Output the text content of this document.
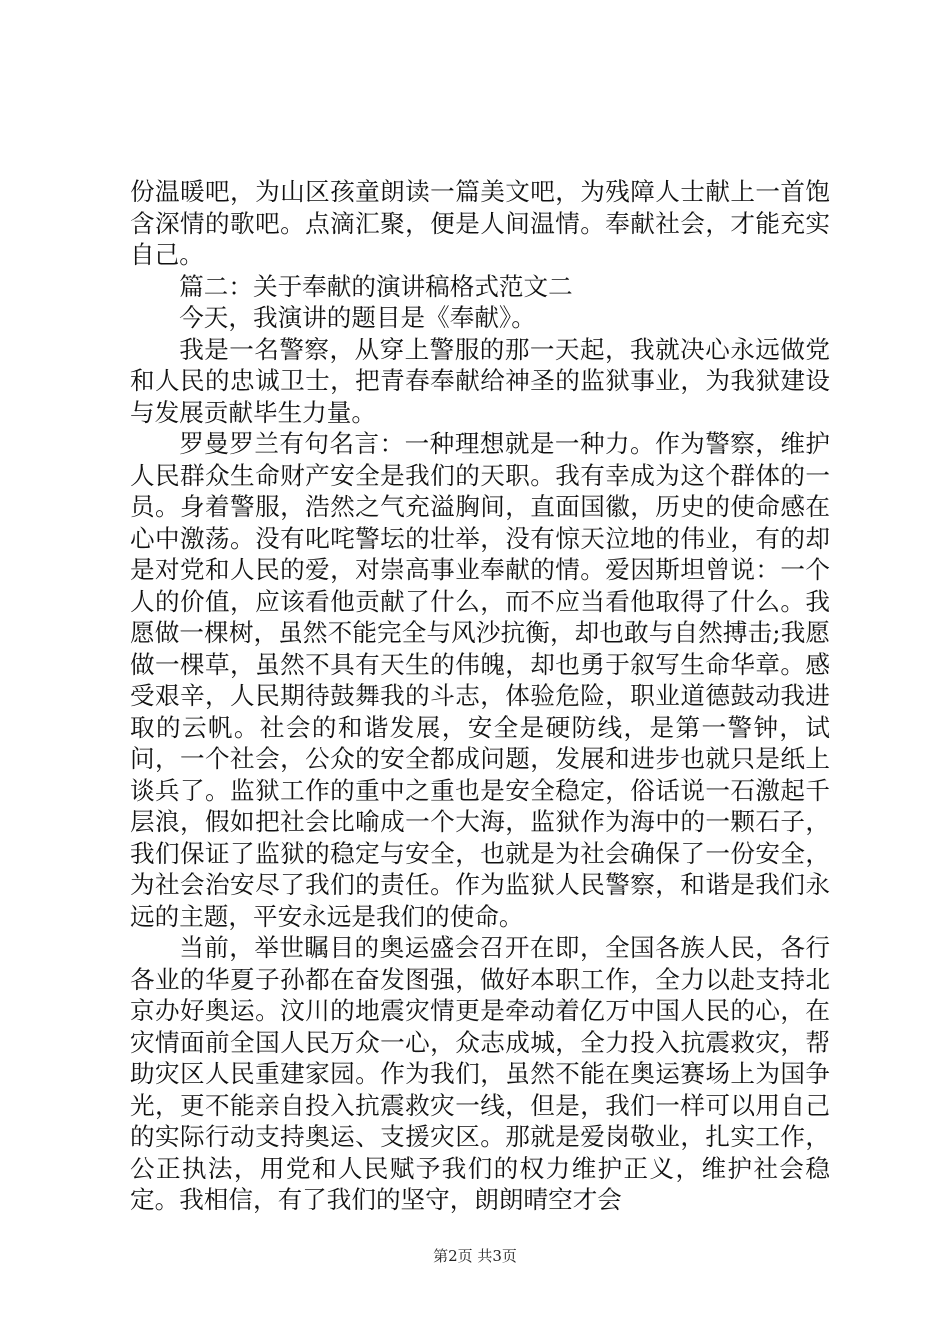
份温暖吧，为山区孩童朗读一篇美文吧，为残障人士献上一首饱含深情的歌吧。点滴汇聚，便是人间温情。奉献社会，才能充实自己。

篇二：关于奉献的演讲稿格式范文二

今天，我演讲的题目是《奉献》。

我是一名警察，从穿上警服的那一天起，我就决心永远做党和人民的忠诚卫士，把青春奉献给神圣的监狱事业，为我狱建设与发展贡献毕生力量。

罗曼罗兰有句名言：一种理想就是一种力。作为警察，维护人民群众生命财产安全是我们的天职。我有幸成为这个群体的一员。身着警服，浩然之气充溢胸间，直面国徽，历史的使命感在心中激荡。没有叱咤警坛的壮举，没有惊天泣地的伟业，有的却是对党和人民的爱，对崇高事业奉献的情。爱因斯坦曾说：一个人的价值，应该看他贡献了什么，而不应当看他取得了什么。我愿做一棵树，虽然不能完全与风沙抗衡，却也敢与自然搏击;我愿做一棵草，虽然不具有天生的伟魄，却也勇于叙写生命华章。感受艰辛，人民期待鼓舞我的斗志，体验危险，职业道德鼓动我进取的云帆。社会的和谐发展，安全是硬防线，是第一警钟，试问，一个社会，公众的安全都成问题，发展和进步也就只是纸上谈兵了。监狱工作的重中之重也是安全稳定，俗话说一石激起千层浪，假如把社会比喻成一个大海，监狱作为海中的一颗石子，我们保证了监狱的稳定与安全，也就是为社会确保了一份安全，为社会治安尽了我们的责任。作为监狱人民警察，和谐是我们永远的主题，平安永远是我们的使命。

当前，举世瞩目的奥运盛会召开在即，全国各族人民，各行各业的华夏子孙都在奋发图强，做好本职工作，全力以赴支持北京办好奥运。汶川的地震灾情更是牵动着亿万中国人民的心，在灾情面前全国人民万众一心，众志成城，全力投入抗震救灾，帮助灾区人民重建家园。作为我们，虽然不能在奥运赛场上为国争光，更不能亲自投入抗震救灾一线，但是，我们一样可以用自己的实际行动支持奥运、支援灾区。那就是爱岗敬业，扎实工作，公正执法，用党和人民赋予我们的权力维护正义，维护社会稳定。我相信，有了我们的坚守，朗朗晴空才会

第2页 共3页
